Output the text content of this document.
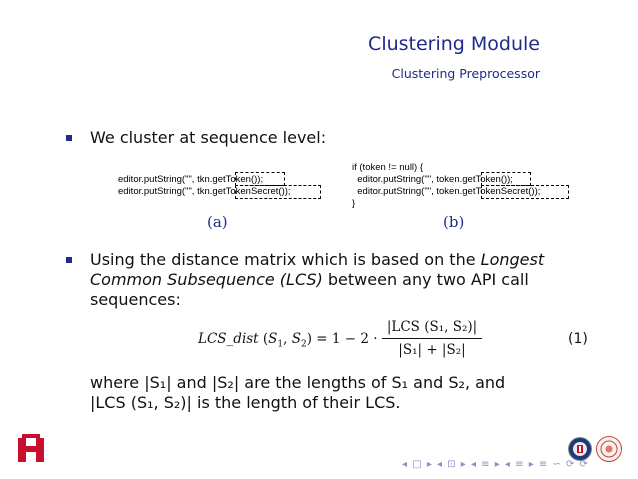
Clustering Module
Clustering Preprocessor
We cluster at sequence level:
editor.putString("", tkn.getToken());
editor.putString("", tkn.getTokenSecret());
(a)
if (token != null) {
editor.putString("", token.getToken());
editor.putString("", token.getTokenSecret());
}
(b)
Using the distance matrix which is based on the Longest
Common Subsequence (LCS) between any two API call
sequences:
LCS_dist ($S_1$, $S_2) = 1 - 2$ ·
|LCS (S₁, S₂)|
|S₁| + |S₂|
(1)
where |S₁| and |S₂| are the lengths of S₁ and S₂, and
|LCS (S₁, S₂)| is the length of their LCS.
◂ □ ▸ ◂ ⊡ ▸ ◂ ≡ ▸ ◂ ≡ ▸ ≡ ∽ ⟳ ⟳
